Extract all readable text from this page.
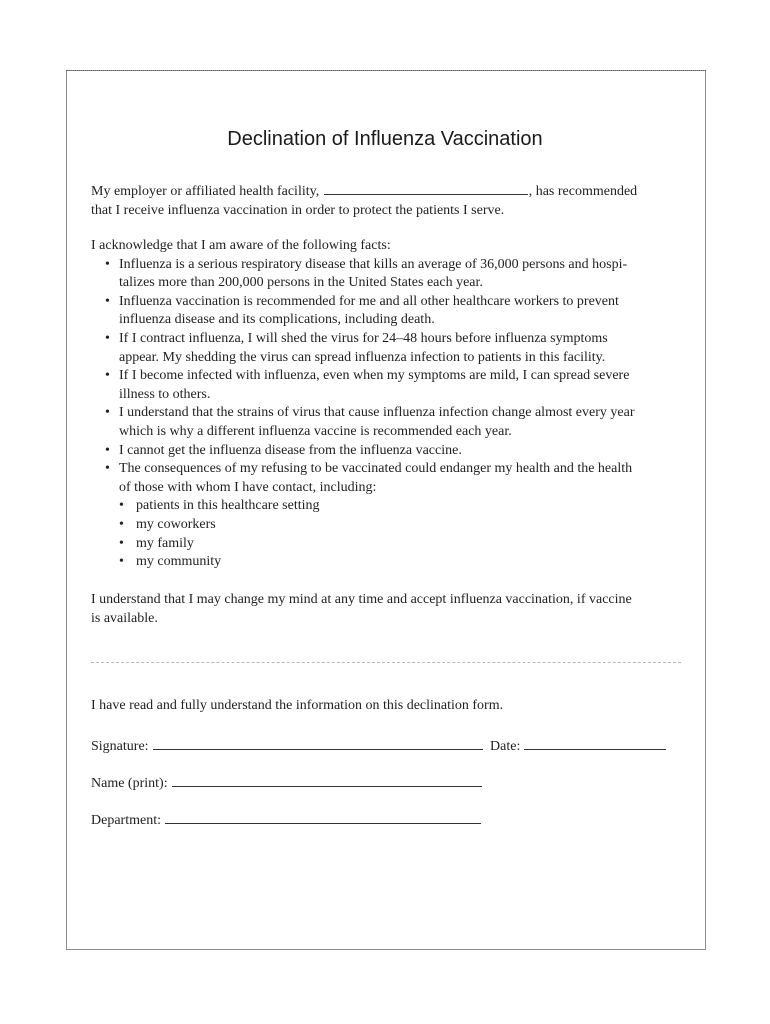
Declination of Influenza Vaccination

My employer or affiliated health facility,	, has recommended
that I receive influenza vaccination in order to protect the patients I serve.

I acknowledge that I am aware of the following facts:
• Influenza is a serious respiratory disease that kills an average of 36,000 persons and hospi-
talizes more than 200,000 persons in the United States each year.
• Influenza vaccination is recommended for me and all other healthcare workers to prevent
influenza disease and its complications, including death.
• If I contract influenza, I will shed the virus for 24–48 hours before influenza symptoms
appear. My shedding the virus can spread influenza infection to patients in this facility.
• If I become infected with influenza, even when my symptoms are mild, I can spread severe
illness to others.
• I understand that the strains of virus that cause influenza infection change almost every year
which is why a different influenza vaccine is recommended each year.
• I cannot get the influenza disease from the influenza vaccine.
• The consequences of my refusing to be vaccinated could endanger my health and the health
of those with whom I have contact, including:
• patients in this healthcare setting
• my coworkers
• my family
• my community

I understand that I may change my mind at any time and accept influenza vaccination, if vaccine
is available.

I have read and fully understand the information on this declination form.

Signature:	Date:
Name (print):
Department:
